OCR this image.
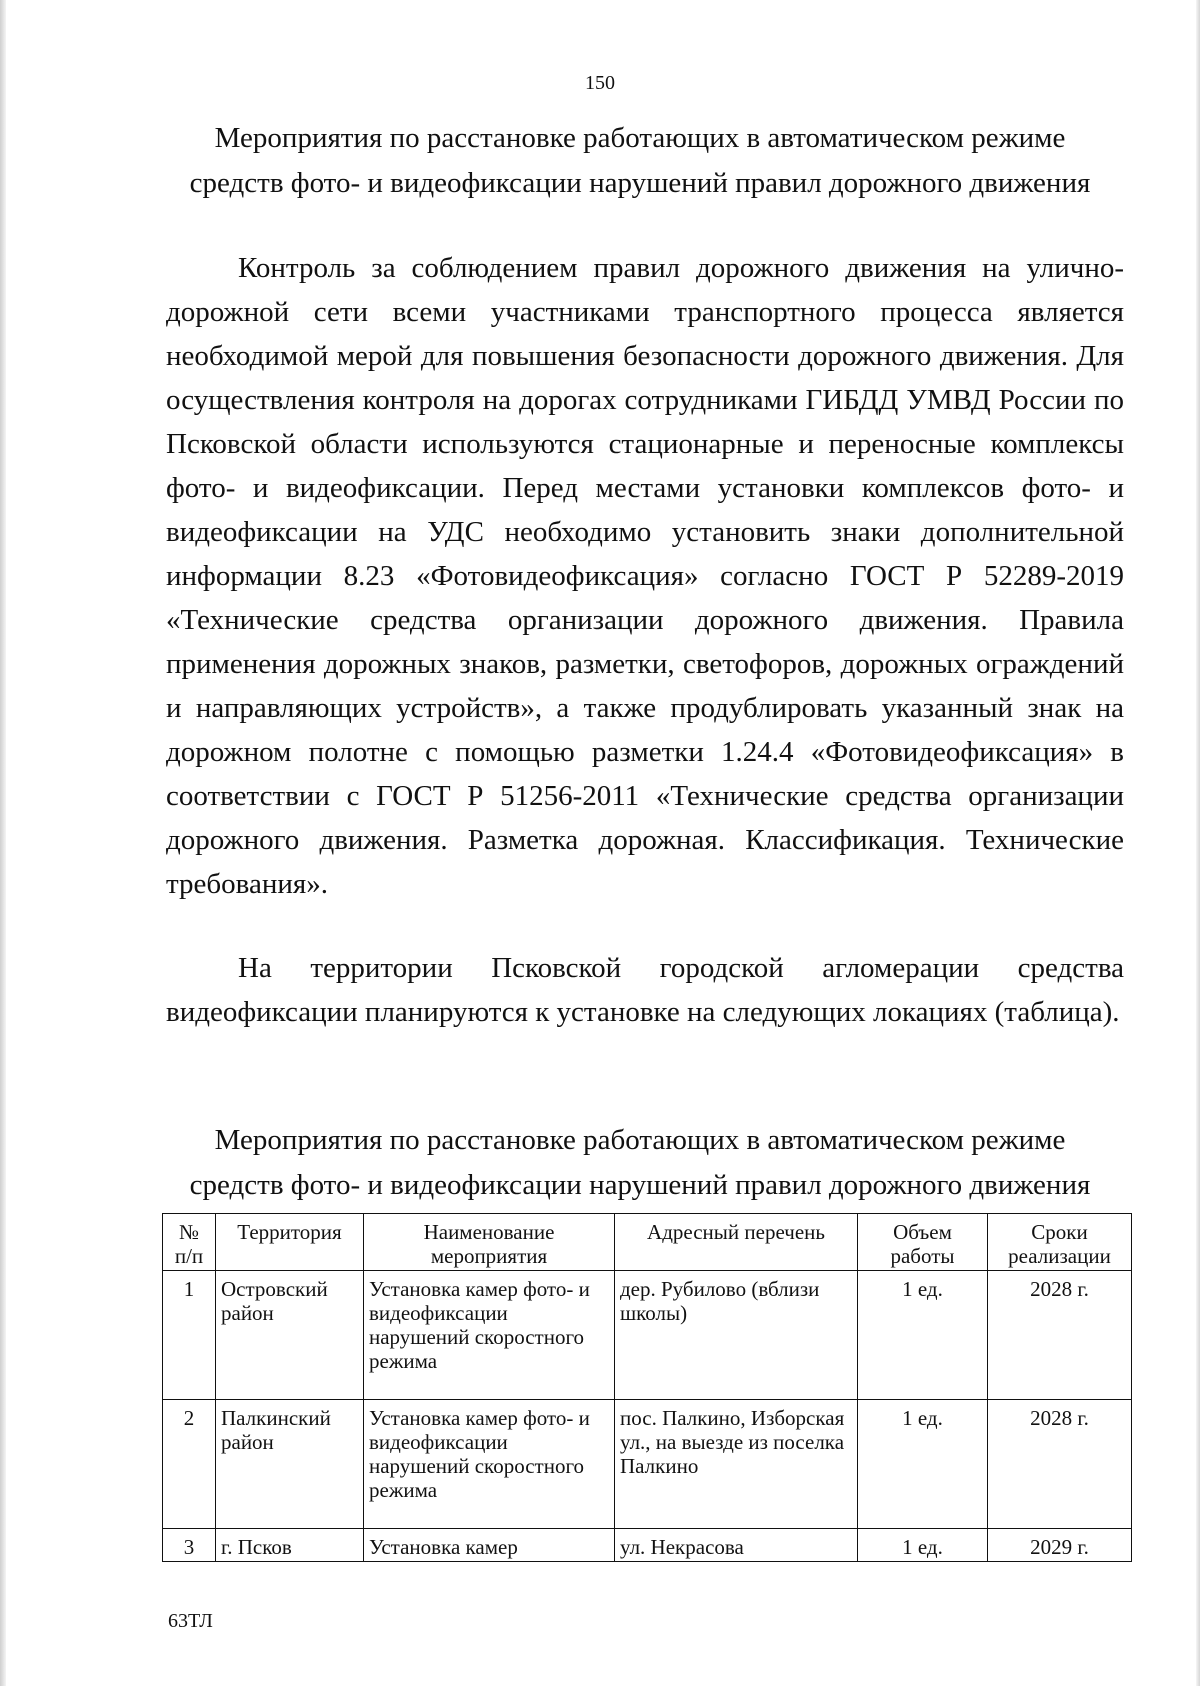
150
Мероприятия по расстановке работающих в автоматическом режиме
средств фото- и видеофиксации нарушений правил дорожного движения

Контроль за соблюдением правил дорожного движения на улично-дорожной сети всеми участниками транспортного процесса является необходимой мерой для повышения безопасности дорожного движения. Для осуществления контроля на дорогах сотрудниками ГИБДД УМВД России по Псковской области используются стационарные и переносные комплексы фото- и видеофиксации. Перед местами установки комплексов фото- и видеофиксации на УДС необходимо установить знаки дополнительной информации 8.23 «Фотовидеофиксация» согласно ГОСТ Р 52289-2019 «Технические средства организации дорожного движения. Правила применения дорожных знаков, разметки, светофоров, дорожных ограждений и направляющих устройств», а также продублировать указанный знак на дорожном полотне с помощью разметки 1.24.4 «Фотовидеофиксация» в соответствии с ГОСТ Р 51256-2011 «Технические средства организации дорожного движения. Разметка дорожная. Классификация. Технические требования».

На территории Псковской городской агломерации средства видеофиксации планируются к установке на следующих локациях (таблица).

Мероприятия по расстановке работающих в автоматическом режиме
средств фото- и видеофиксации нарушений правил дорожного движения
№ п/п	Территория	Наименование мероприятия	Адресный перечень	Объем работы	Сроки реализации
1	Островский район	Установка камер фото- и видеофиксации нарушений скоростного режима	дер. Рубилово (вблизи школы)	1 ед.	2028 г.
2	Палкинский район	Установка камер фото- и видеофиксации нарушений скоростного режима	пос. Палкино, Изборская ул., на выезде из поселка Палкино	1 ед.	2028 г.
3	г. Псков	Установка камер	ул. Некрасова	1 ед.	2029 г.
63ТЛ
